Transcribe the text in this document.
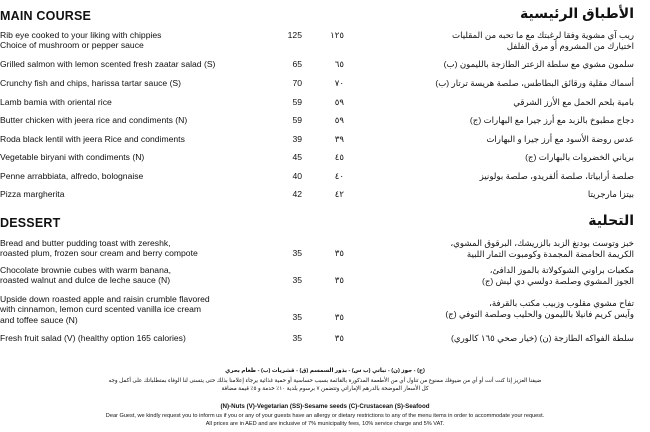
MAIN COURSE	الأطباق الرئيسية
Rib eye cooked to your liking with chippies
Choice of mushroom or pepper sauce
125	١٢٥	ريب آي مشوية وفقا لرغبتك مع ما تحبه من المقليات
اختيارك من المشروم أو مرق الفلفل
Grilled salmon with lemon scented fresh zaatar salad (S)	65	٦٥	سلمون مشوي مع سلطة الزعتر الطازجة بالليمون (ب)
Crunchy fish and chips, harissa tartar sauce (S)	70	٧٠	أسماك مقلية ورقائق البطاطس، صلصة هريسة ترتار (ب)
Lamb bamia with oriental rice	59	٥٩	بامية بلحم الحمل مع الأرز الشرقي
Butter chicken with jeera rice and condiments (N)	59	٥٩	دجاج مطبوخ بالزبد مع أرز جيرا مع البهارات (ج)
Roda black lentil with jeera Rice and condiments	39	٣٩	عدس روضة الأسود مع أرز جيرا و البهارات
Vegetable biryani with condiments (N)	45	٤٥	برياني الخضروات بالبهارات (ج)
Penne arrabbiata, alfredo, bolognaise	40	٤٠	صلصة أرابياتا، صلصة ألفريدو، صلصة بولونيز
Pizza margherita	42	٤٢	بيتزا مارجريتا
DESSERT	التحلية
Bread and butter pudding toast with zereshk,
roasted plum, frozen sour cream and berry compote	35	٣٥
خبز وتوست بودنغ الزبد بالزريشك، البرقوق المشوي،
الكريمة الحامضة المجمدة وكومبوت الثمار اللبية
Chocolate brownie cubes with warm banana,
roasted walnut and dulce de leche sauce (N)	35	٣٥
مكعبات براوني الشوكولاتة بالموز الدافئ،
الجوز المشوي وصلصة دولسي دي ليش (ج)
Upside down roasted apple and raisin crumble flavored
with cinnamon, lemon curd scented vanilla ice cream
and toffee sauce (N)	35	٣٥
تفاح مشوي مقلوب وزبيب مكتب بالقرفة،
وآيس كريم فانيلا بالليمون والحليب وصلصة التوفي (ج)
Fresh fruit salad (V) (healthy option 165 calories)	35	٣٥	سلطة الفواكه الطازجة (ن) (خيار صحي ١٦٥ كالوري)
(ج) - جوز (ن) - نباتي (ب س) - بذور السمسم (ق) - قشريات (ب) - طعام بحري
ضيفنا العزيز إذا كنت أنت أو أي من ضيوفك ممنوع من تناول أي من الأطعمة المذكورة بالقائمة بسبب حساسية أو حمية غذائية يرجاء إعلامنا بذلك حتى يتسنى لنا الوفاء بمتطلباتك على أكمل وجه
كل الأسعار الموضحة بالدرهم الإماراتي وتتضمن ٧ برسوم بلدية ١٠٪ خدمة و ٥٪ قيمة مضافة
(N)-Nuts (V)-Vegetarian (SS)-Sesame seeds (C)-Crustacean (S)-Seafood
Dear Guest, we kindly request you to inform us if you or any of your guests have an allergy or dietary restrictions to any of the menu items in order to accommodate your request.
All prices are in AED and are inclusive of 7% municipality fees, 10% service charge and 5% VAT.
